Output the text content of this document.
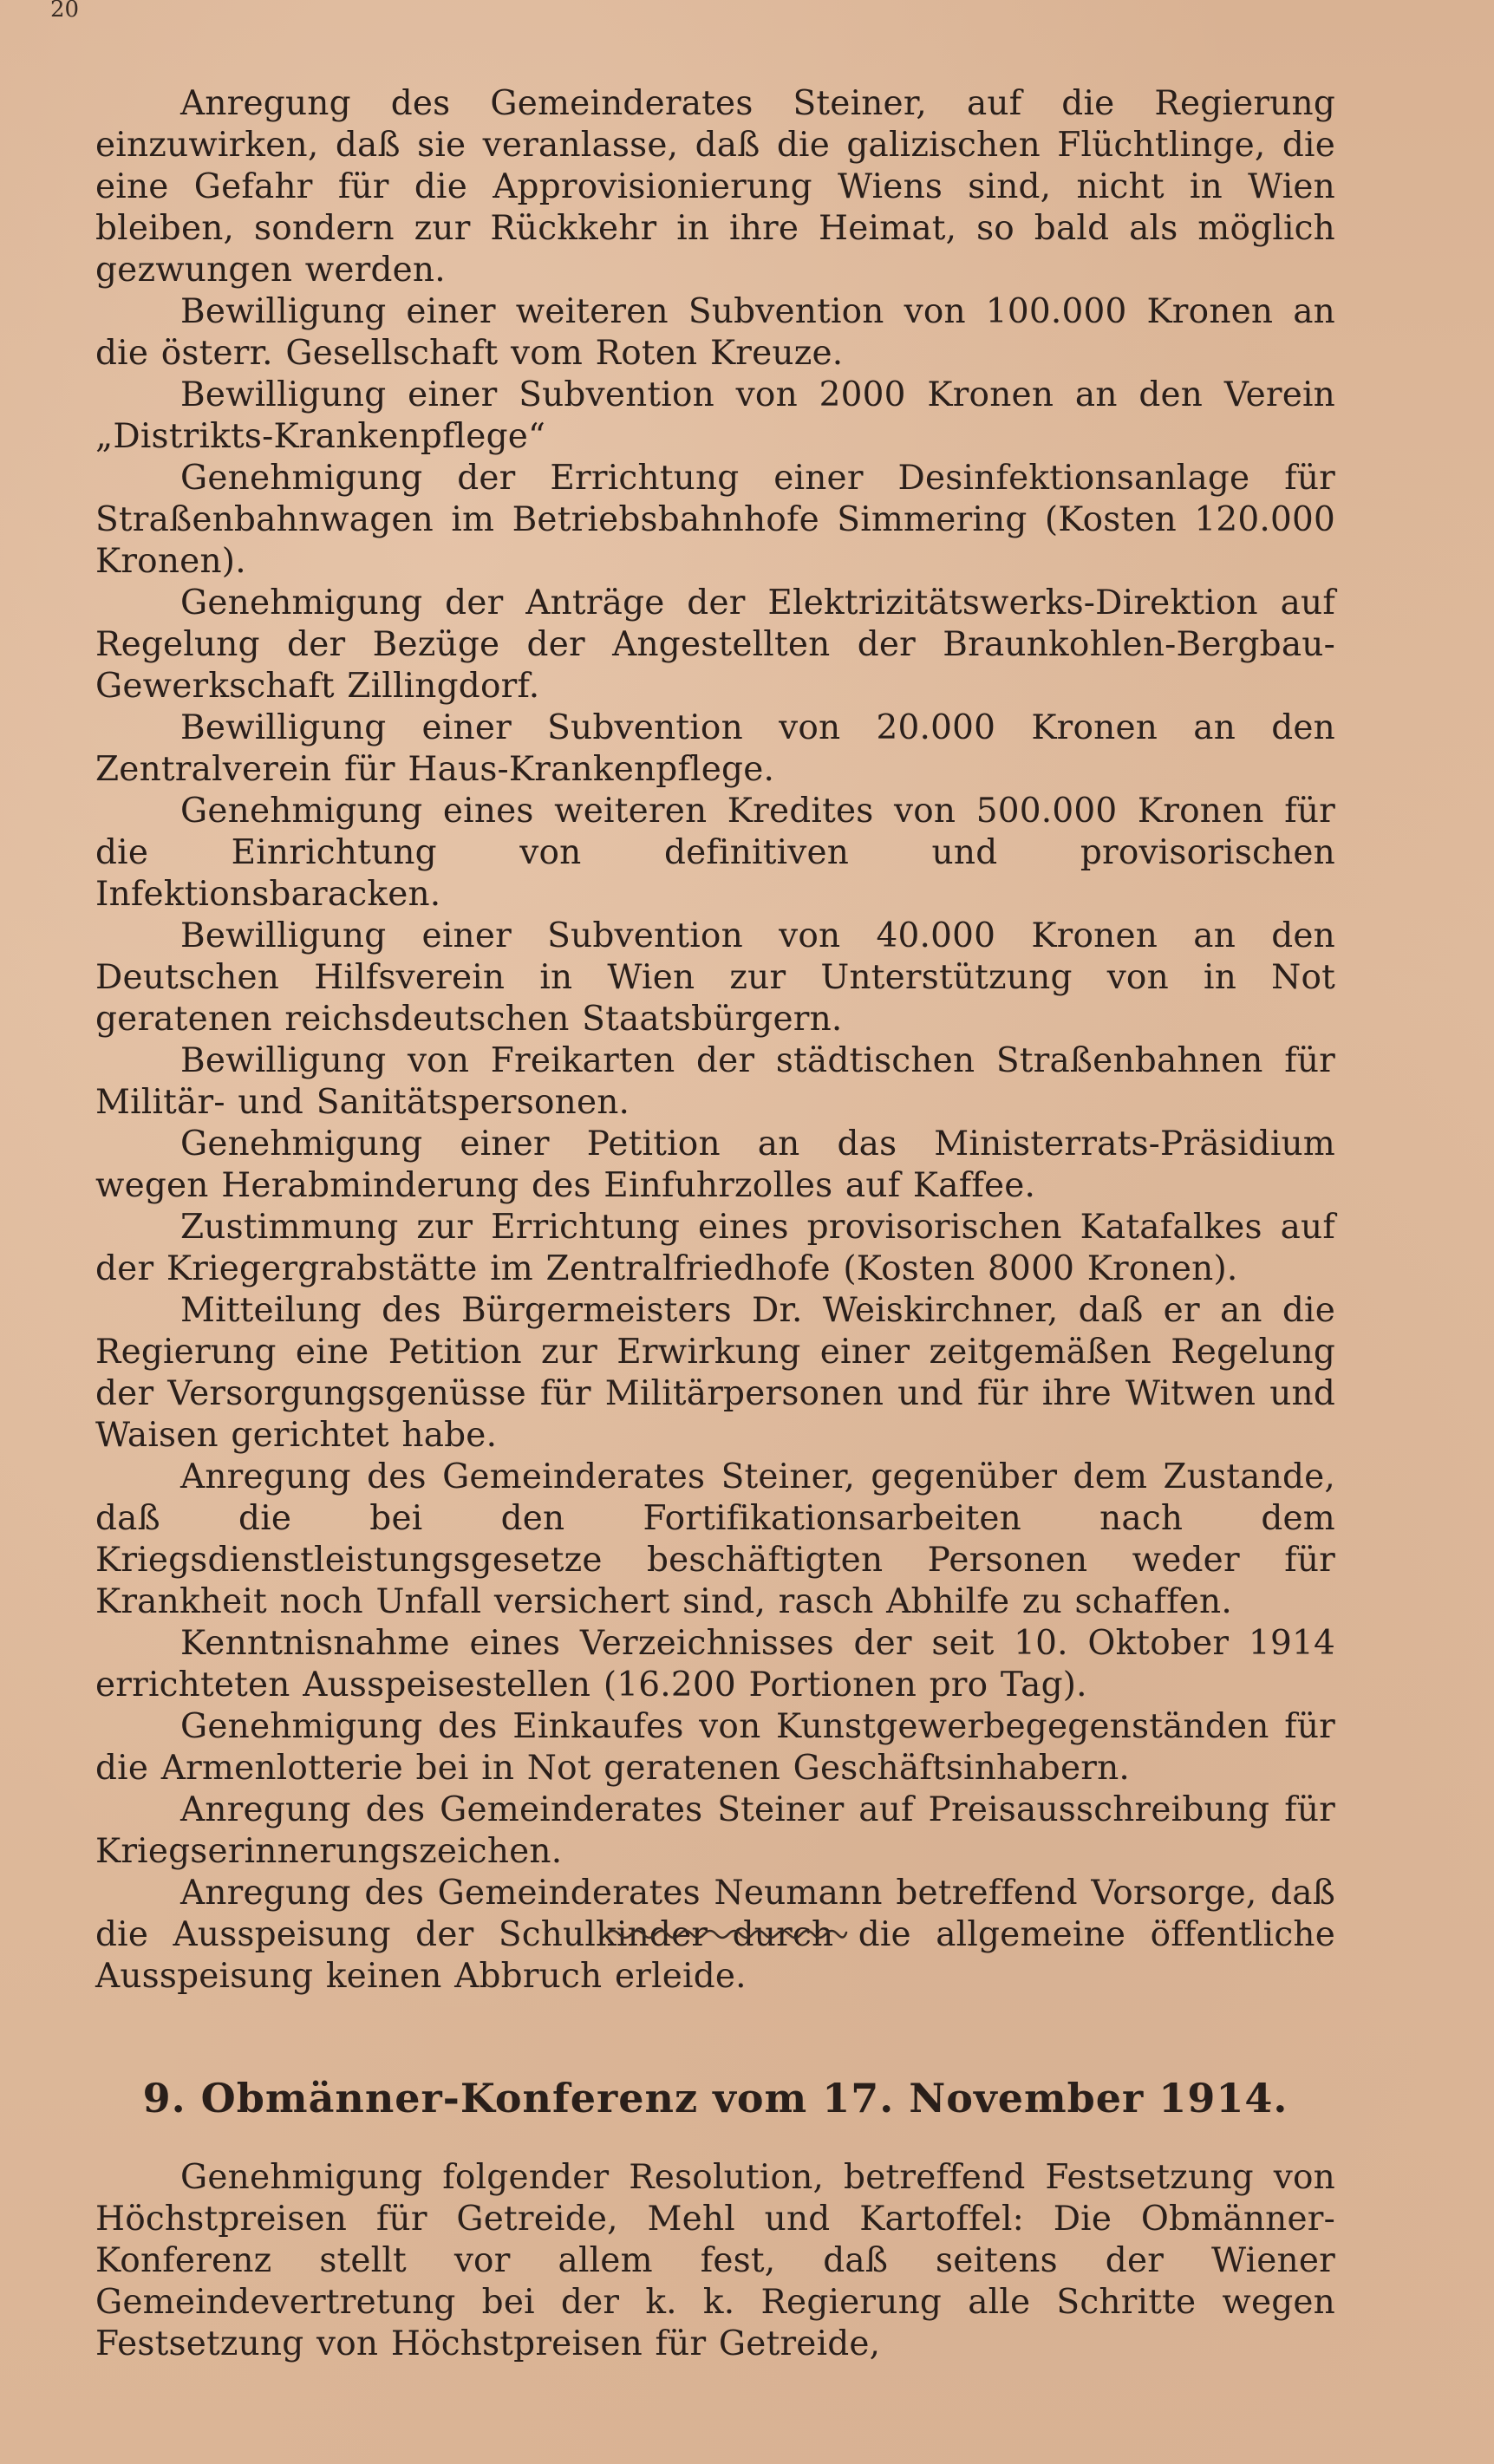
20

Anregung des Gemeinderates Steiner, auf die Regierung einzuwirken, daß sie veranlasse, daß die galizischen Flüchtlinge, die eine Gefahr für die Approvisionierung Wiens sind, nicht in Wien bleiben, sondern zur Rückkehr in ihre Heimat, so bald als möglich gezwungen werden.

Bewilligung einer weiteren Subvention von 100.000 Kronen an die österr. Gesellschaft vom Roten Kreuze.

Bewilligung einer Subvention von 2000 Kronen an den Verein „Distrikts-Krankenpflege“

Genehmigung der Errichtung einer Desinfektionsanlage für Straßenbahnwagen im Betriebsbahnhofe Simmering (Kosten 120.000 Kronen).

Genehmigung der Anträge der Elektrizitätswerks-Direktion auf Regelung der Bezüge der Angestellten der Braunkohlen-Bergbau-Gewerkschaft Zillingdorf.

Bewilligung einer Subvention von 20.000 Kronen an den Zentralverein für Haus-Krankenpflege.

Genehmigung eines weiteren Kredites von 500.000 Kronen für die Einrichtung von definitiven und provisorischen Infektionsbaracken.

Bewilligung einer Subvention von 40.000 Kronen an den Deutschen Hilfsverein in Wien zur Unterstützung von in Not geratenen reichsdeutschen Staatsbürgern.

Bewilligung von Freikarten der städtischen Straßenbahnen für Militär- und Sanitätspersonen.

Genehmigung einer Petition an das Ministerrats-Präsidium wegen Herabminderung des Einfuhrzolles auf Kaffee.

Zustimmung zur Errichtung eines provisorischen Katafalkes auf der Kriegergrabstätte im Zentralfriedhofe (Kosten 8000 Kronen).

Mitteilung des Bürgermeisters Dr. Weiskirchner, daß er an die Regierung eine Petition zur Erwirkung einer zeitgemäßen Regelung der Versorgungsgenüsse für Militärpersonen und für ihre Witwen und Waisen gerichtet habe.

Anregung des Gemeinderates Steiner, gegenüber dem Zustande, daß die bei den Fortifikationsarbeiten nach dem Kriegsdienstleistungsgesetze beschäftigten Personen weder für Krankheit noch Unfall versichert sind, rasch Abhilfe zu schaffen.

Kenntnisnahme eines Verzeichnisses der seit 10. Oktober 1914 errichteten Ausspeisestellen (16.200 Portionen pro Tag).

Genehmigung des Einkaufes von Kunstgewerbegegenständen für die Armenlotterie bei in Not geratenen Geschäftsinhabern.

Anregung des Gemeinderates Steiner auf Preisausschreibung für Kriegserinnerungszeichen.

Anregung des Gemeinderates Neumann betreffend Vorsorge, daß die Ausspeisung der Schulkinder durch die allgemeine öffentliche Ausspeisung keinen Abbruch erleide.

9. Obmänner-Konferenz vom 17. November 1914.

Genehmigung folgender Resolution, betreffend Festsetzung von Höchstpreisen für Getreide, Mehl und Kartoffel: Die Obmänner-Konferenz stellt vor allem fest, daß seitens der Wiener Gemeindevertretung bei der k. k. Regierung alle Schritte wegen Festsetzung von Höchstpreisen für Getreide,
